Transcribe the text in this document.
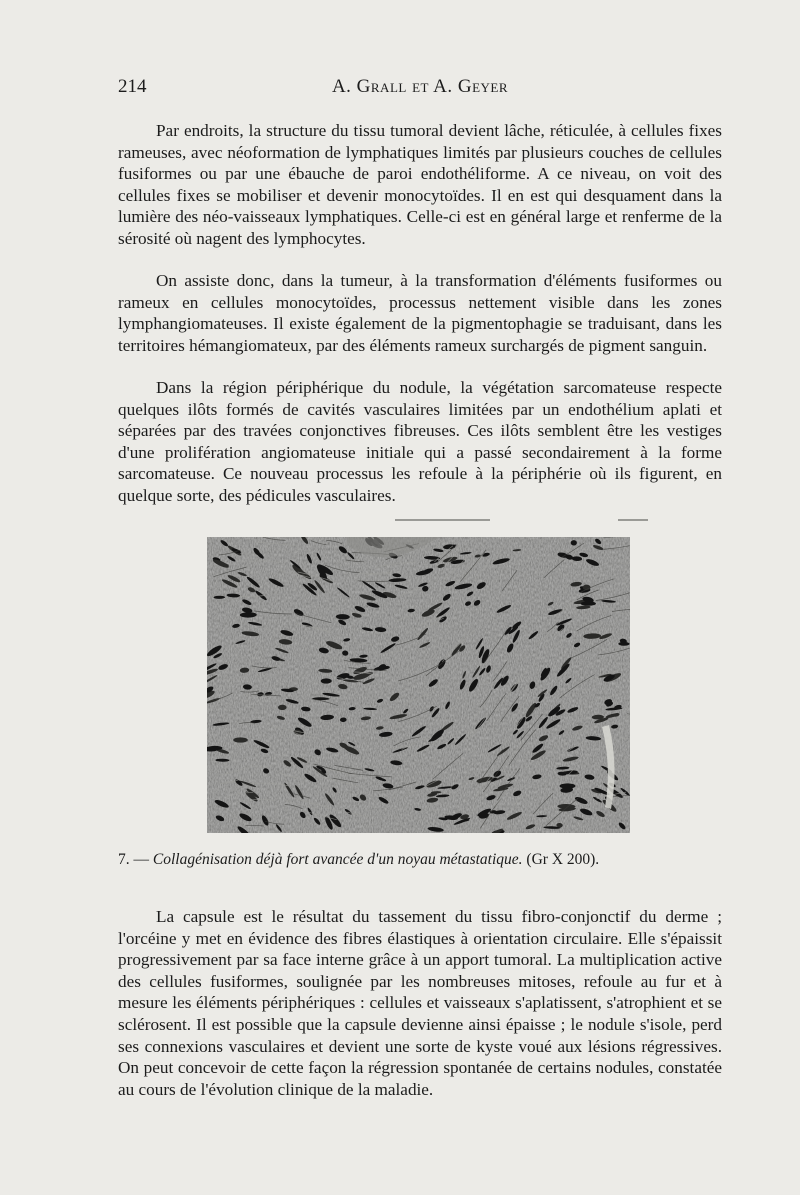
214	A. Grall et A. Geyer

Par endroits, la structure du tissu tumoral devient lâche, réticulée, à cellules fixes rameuses, avec néoformation de lymphatiques limités par plusieurs couches de cellules fusiformes ou par une ébauche de paroi endothéliforme. A ce niveau, on voit des cellules fixes se mobiliser et devenir monocytoïdes. Il en est qui desquament dans la lumière des néo-vaisseaux lymphatiques. Celle-ci est en général large et renferme de la sérosité où nagent des lymphocytes.

On assiste donc, dans la tumeur, à la transformation d'éléments fusiformes ou rameux en cellules monocytoïdes, processus nettement visible dans les zones lymphangiomateuses. Il existe également de la pigmentophagie se traduisant, dans les territoires hémangiomateux, par des éléments rameux surchargés de pigment sanguin.

Dans la région périphérique du nodule, la végétation sarcomateuse respecte quelques ilôts formés de cavités vasculaires limitées par un endothélium aplati et séparées par des travées conjonctives fibreuses. Ces ilôts semblent être les vestiges d'une prolifération angiomateuse initiale qui a passé secondairement à la forme sarcomateuse. Ce nouveau processus les refoule à la périphérie où ils figurent, en quelque sorte, des pédicules vasculaires.

7. — Collagénisation déjà fort avancée d'un noyau métastatique. (Gr X 200).

La capsule est le résultat du tassement du tissu fibro-conjonctif du derme ; l'orcéine y met en évidence des fibres élastiques à orientation circulaire. Elle s'épaissit progressivement par sa face interne grâce à un apport tumoral. La multiplication active des cellules fusiformes, soulignée par les nombreuses mitoses, refoule au fur et à mesure les éléments périphériques : cellules et vaisseaux s'aplatissent, s'atrophient et se sclérosent. Il est possible que la capsule devienne ainsi épaisse ; le nodule s'isole, perd ses connexions vasculaires et devient une sorte de kyste voué aux lésions régressives. On peut concevoir de cette façon la régression spontanée de certains nodules, constatée au cours de l'évolution clinique de la maladie.
